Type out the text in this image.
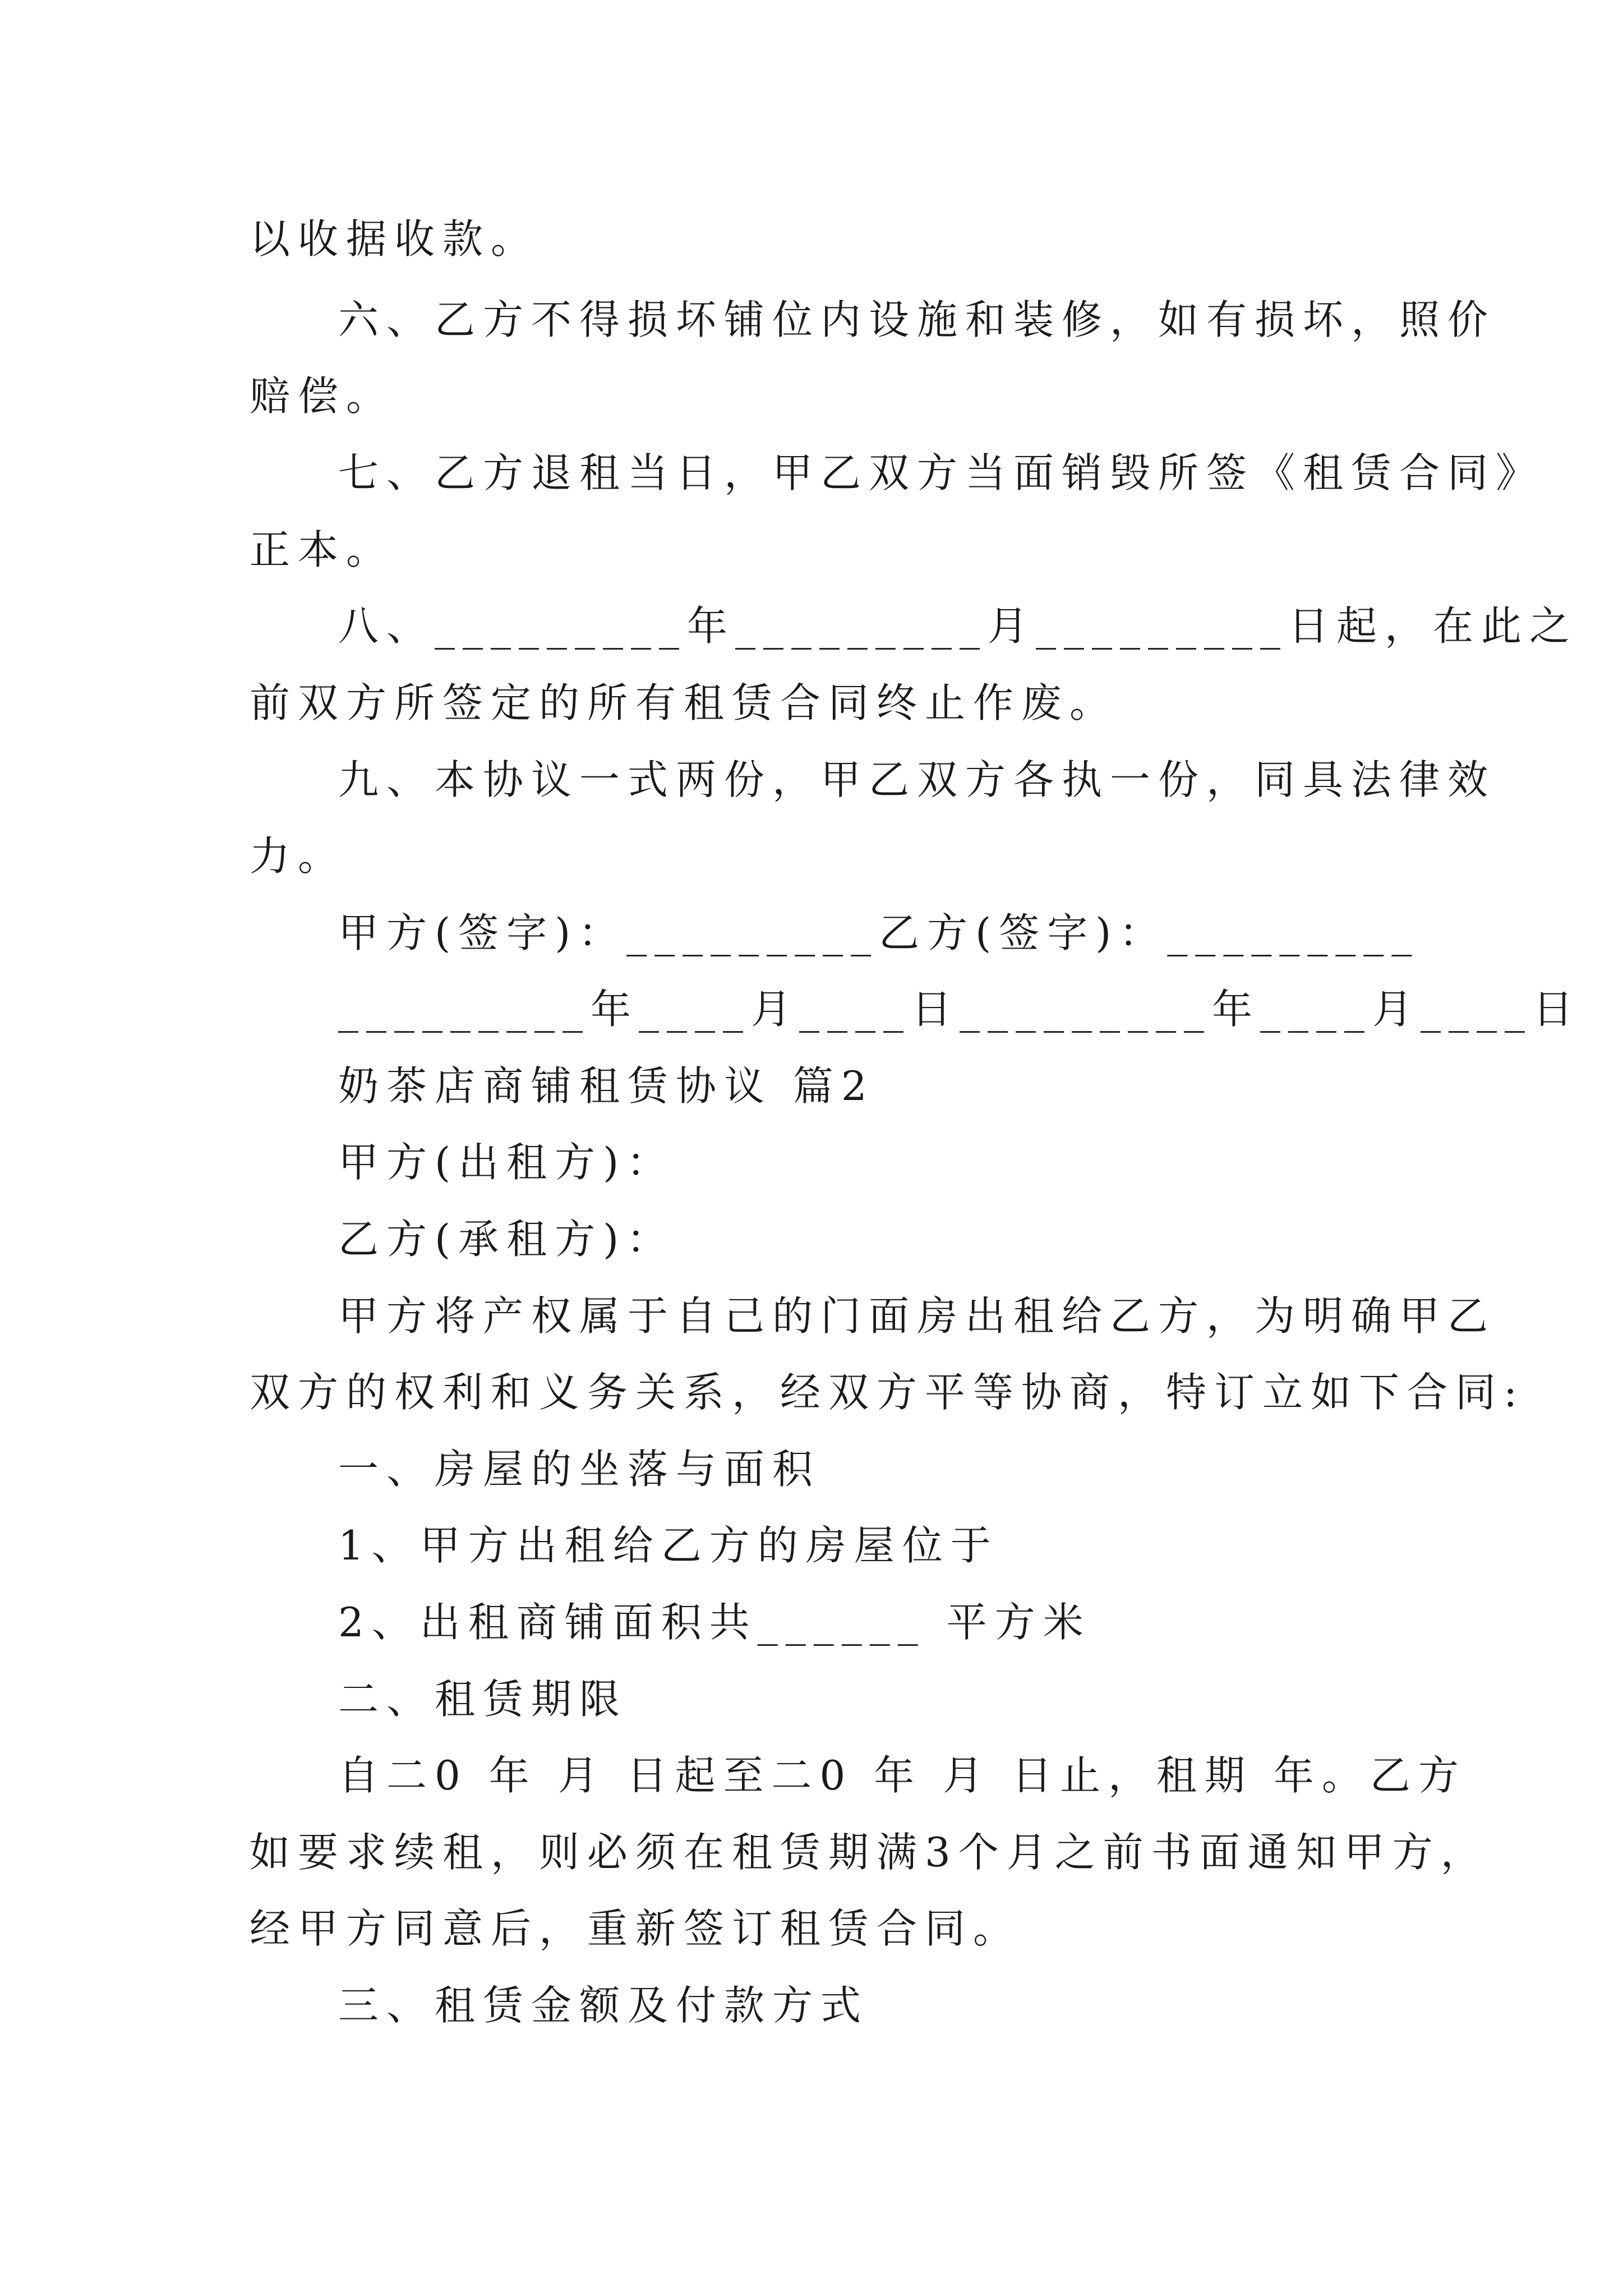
以收据收款。
六、乙方不得损坏铺位内设施和装修，如有损坏，照价
赔偿。
七、乙方退租当日，甲乙双方当面销毁所签《租赁合同》
正本。
八、_________年_________月_________日起，在此之
前双方所签定的所有租赁合同终止作废。
九、本协议一式两份，甲乙双方各执一份，同具法律效
力。
甲方(签字)：_________乙方(签字)：_________
_________年____月____日_________年____月____日
奶茶店商铺租赁协议 篇2
甲方(出租方)：
乙方(承租方)：
甲方将产权属于自己的门面房出租给乙方，为明确甲乙
双方的权利和义务关系，经双方平等协商，特订立如下合同:
一、房屋的坐落与面积
1、甲方出租给乙方的房屋位于
2、出租商铺面积共______ 平方米
二、租赁期限
自二0 年 月 日起至二0 年 月 日止，租期 年。乙方
如要求续租，则必须在租赁期满3个月之前书面通知甲方，
经甲方同意后，重新签订租赁合同。
三、租赁金额及付款方式
